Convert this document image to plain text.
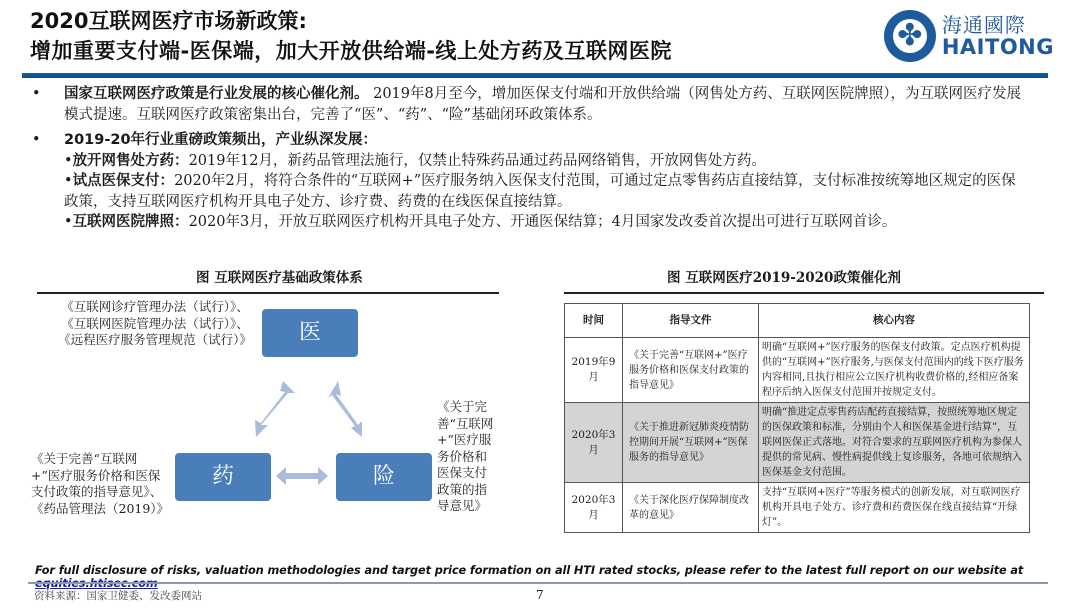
2020互联网医疗市场新政策:
增加重要支付端-医保端，加大开放供给端-线上处方药及互联网医院
✤
海通國際
HAITONG
•	国家互联网医疗政策是行业发展的核心催化剂。 2019年8月至今，增加医保支付端和开放供给端（网售处方药、互联网医院牌照），为互联网医疗发展模式提速。互联网医疗政策密集出台，完善了“医”、“药”、“险”基础闭环政策体系。
•	2019-20年行业重磅政策频出，产业纵深发展：
•放开网售处方药：2019年12月，新药品管理法施行，仅禁止特殊药品通过药品网络销售，开放网售处方药。
•试点医保支付：2020年2月，将符合条件的“互联网+”医疗服务纳入医保支付范围，可通过定点零售药店直接结算，支付标准按统筹地区规定的医保政策，支持互联网医疗机构开具电子处方、诊疗费、药费的在线医保直接结算。
•互联网医院牌照：2020年3月，开放互联网医疗机构开具电子处方、开通医保结算；4月国家发改委首次提出可进行互联网首诊。
图 互联网医疗基础政策体系
《互联网诊疗管理办法（试行）》、《互联网医院管理办法（试行）》、《远程医疗服务管理规范（试行）》
《关于完善“互联网+”医疗服务价格和医保支付政策的指导意见》、《药品管理法（2019）》
《关于完善“互联网+”医疗服务价格和医保支付政策的指导意见》
医
药	险
图 互联网医疗2019-2020政策催化剂
时间	指导文件	核心内容
2019年9月	《关于完善“互联网+”医疗服务价格和医保支付政策的指导意见》	明确“互联网+”医疗服务的医保支付政策。定点医疗机构提供的“互联网+”医疗服务,与医保支付范围内的线下医疗服务内容相同,且执行相应公立医疗机构收费价格的,经相应备案程序后纳入医保支付范围并按规定支付。
2020年3月	《关于推进新冠肺炎疫情防控期间开展“互联网+”医保服务的指导意见》	明确“推进定点零售药店配药直接结算，按照统筹地区规定的医保政策和标准，分别由个人和医保基金进行结算”，互联网医保正式落地。对符合要求的互联网医疗机构为参保人提供的常见病、慢性病提供线上复诊服务，各地可依规纳入医保基金支付范围。
2020年3月	《关于深化医疗保障制度改革的意见》	支持“互联网+医疗”等服务模式的创新发展，对互联网医疗机构开具电子处方、诊疗费和药费医保在线直接结算“开绿灯”。
For full disclosure of risks, valuation methodologies and target price formation on all HTI rated stocks, please refer to the latest full report on our website at
资料来源：国家卫健委、发改委网站	7
